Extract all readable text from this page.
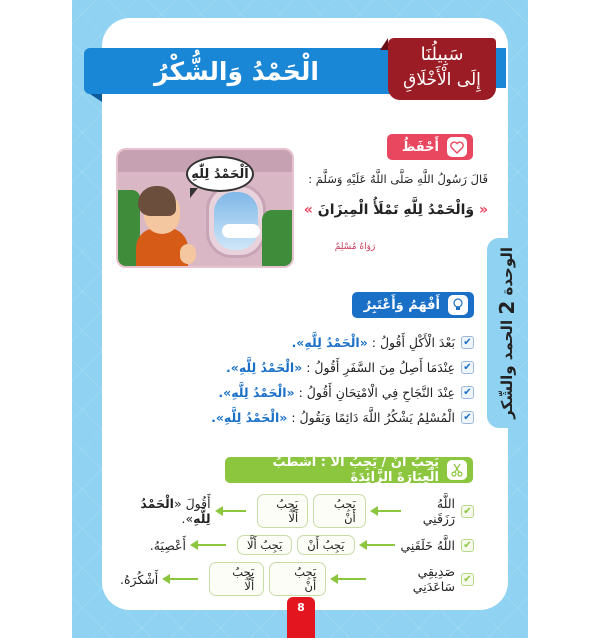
الْحَمْدُ وَالشُّكْرُ
سَبِيلُنَا
إِلَى الْأَخْلَاقِ
الوحدة 2 الحمد والشّكر
أَحْفَظُ
اَلْحَمْدُ لِلّٰهِ	قَالَ رَسُولُ اللَّهِ صَلَّى اللَّهُ عَلَيْهِ وَسَلَّمَ :
« وَالْحَمْدُ لِلَّهِ تَمْلَأُ الْمِيزَانَ »
رَوَاهُ مُسْلِمٌ
أَفْهَمُ وَأَعْتَبِرُ
✔
بَعْدَ الْأَكْلِ أَقُولُ :
«الْحَمْدُ لِلَّهِ».
✔
عِنْدَمَا أَصِلُ مِنَ السَّفَرِ أَقُولُ :
«الْحَمْدُ لِلَّهِ».
✔
عِنْدَ النَّجَاحِ فِي الْامْتِحَانِ أَقُولُ :
«الْحَمْدُ لِلَّهِ».
✔
الْمُسْلِمُ يَشْكُرُ اللَّهَ دَائِمًا وَيَقُولُ :
«الْحَمْدُ لِلَّهِ».
يَجِبُ أَنْ / يَجِبُ أَلَّا : أَشْطُبُ الْعِبَارَةَ الزَّائِدَةَ
✔
اللَّهُ رَزَقَنِي
يَجِبُ أَنْ
يَجِبُ أَلَّا
أَقُولَ «الْحَمْدُ لِلَّهِ».
✔
اللَّهُ خَلَقَنِي
يَجِبُ أَنْ
يَجِبُ أَلَّا
أَعْصِيَهُ.
✔
صَدِيقِي سَاعَدَنِي
يَجِبُ أَنْ
يَجِبُ أَلَّا
أَشْكُرَهُ.
8
